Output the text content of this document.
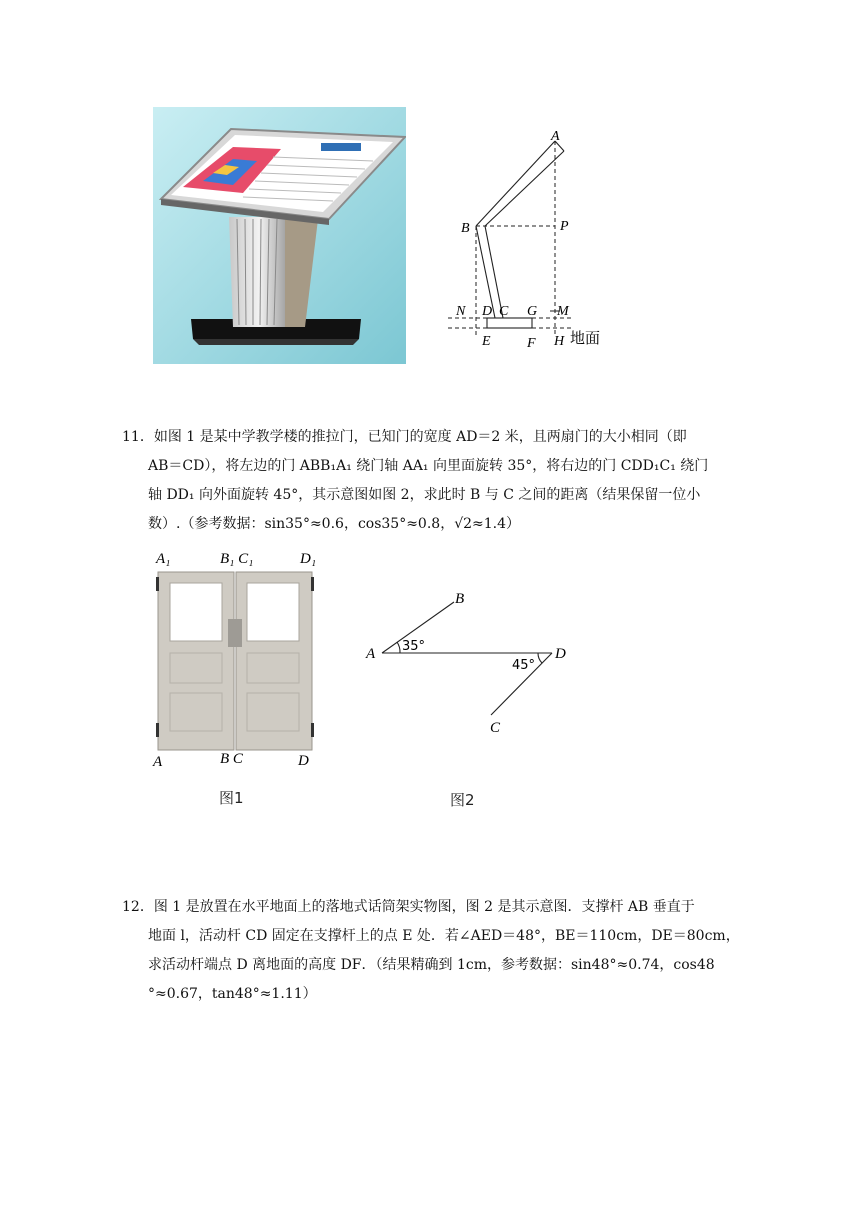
A
B	P
N D C G M
E	F H 地面
11．如图 1 是某中学教学楼的推拉门，已知门的宽度 AD＝2 米，且两扇门的大小相同（即
AB＝CD），将左边的门 ABB₁A₁ 绕门轴 AA₁ 向里面旋转 35°，将右边的门 CDD₁C₁ 绕门
轴 DD₁ 向外面旋转 45°，其示意图如图 2，求此时 B 与 C 之间的距离（结果保留一位小
数）.（参考数据：sin35°≈0.6，cos35°≈0.8，√2≈1.4）
A₁	B₁ C₁	D₁
A	B C	D
图1
A
B
D
C
35°
45°
图2
12．图 1 是放置在水平地面上的落地式话筒架实物图，图 2 是其示意图．支撑杆 AB 垂直于
地面 l，活动杆 CD 固定在支撑杆上的点 E 处．若∠AED＝48°，BE＝110cm，DE＝80cm，
求活动杆端点 D 离地面的高度 DF．（结果精确到 1cm，参考数据：sin48°≈0.74，cos48
°≈0.67，tan48°≈1.11）
